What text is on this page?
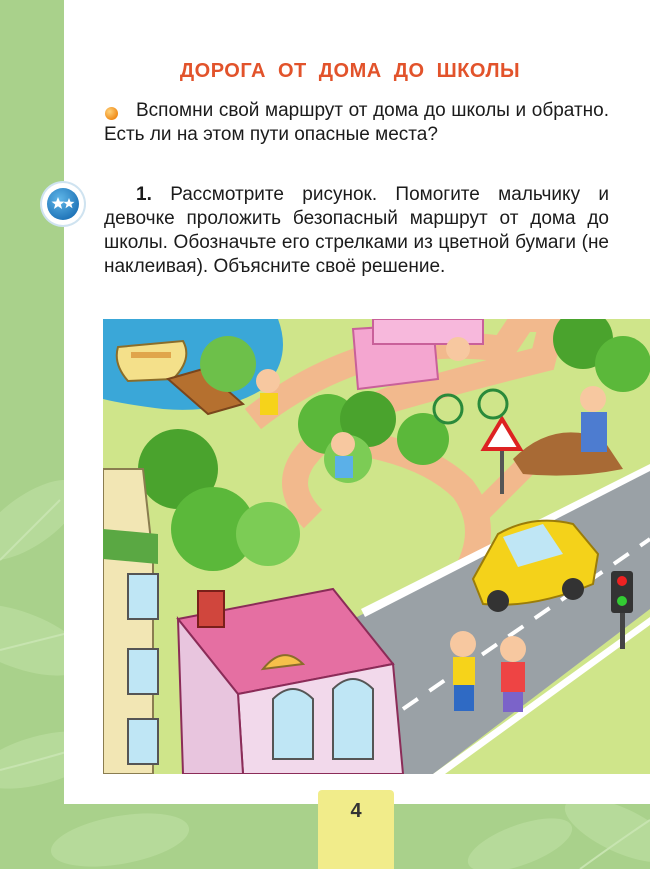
ДОРОГА ОТ ДОМА ДО ШКОЛЫ
Вспомни свой маршрут от дома до школы и обратно. Есть ли на этом пути опасные места?
1. Рассмотрите рисунок. Помогите мальчику и девочке проложить безопасный маршрут от дома до школы. Обозначьте его стрелками из цветной бумаги (не наклеивая). Объясните своё решение.
4
